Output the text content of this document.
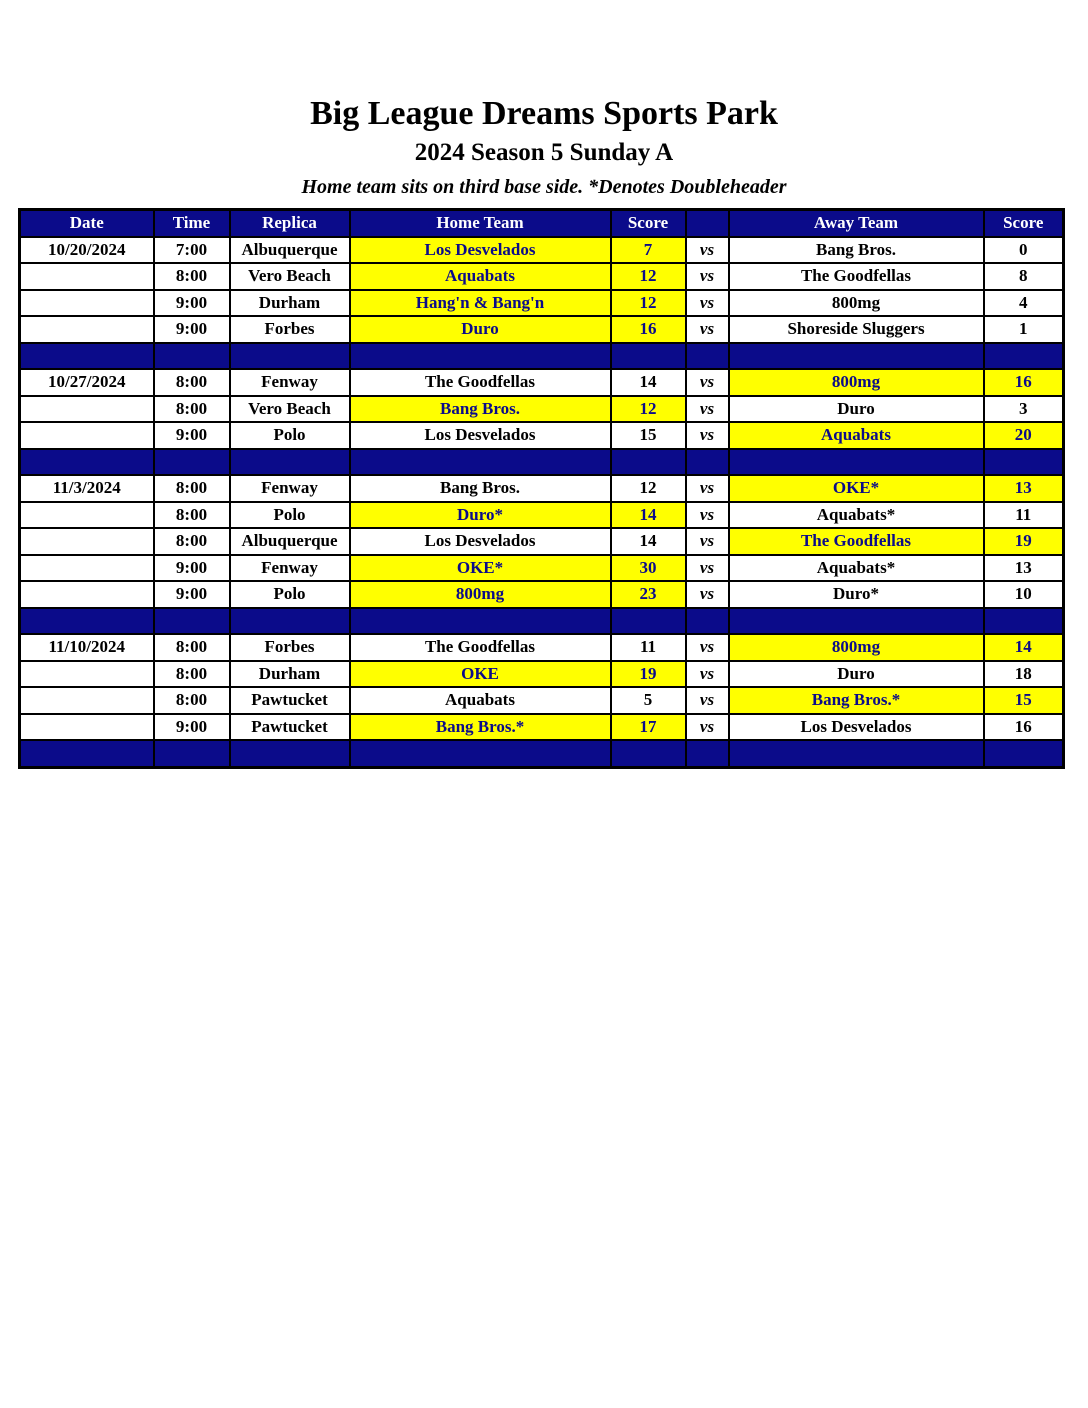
Big League Dreams Sports Park
2024 Season 5 Sunday A
Home team sits on third base side. *Denotes Doubleheader
Date	Time	Replica	Home Team	Score		Away Team	Score
10/20/2024	7:00	Albuquerque	Los Desvelados	7	vs	Bang Bros.	0
	8:00	Vero Beach	Aquabats	12	vs	The Goodfellas	8
	9:00	Durham	Hang'n & Bang'n	12	vs	800mg	4
	9:00	Forbes	Duro	16	vs	Shoreside Sluggers	1

10/27/2024	8:00	Fenway	The Goodfellas	14	vs	800mg	16
	8:00	Vero Beach	Bang Bros.	12	vs	Duro	3
	9:00	Polo	Los Desvelados	15	vs	Aquabats	20

11/3/2024	8:00	Fenway	Bang Bros.	12	vs	OKE*	13
	8:00	Polo	Duro*	14	vs	Aquabats*	11
	8:00	Albuquerque	Los Desvelados	14	vs	The Goodfellas	19
	9:00	Fenway	OKE*	30	vs	Aquabats*	13
	9:00	Polo	800mg	23	vs	Duro*	10

11/10/2024	8:00	Forbes	The Goodfellas	11	vs	800mg	14
	8:00	Durham	OKE	19	vs	Duro	18
	8:00	Pawtucket	Aquabats	5	vs	Bang Bros.*	15
	9:00	Pawtucket	Bang Bros.*	17	vs	Los Desvelados	16
